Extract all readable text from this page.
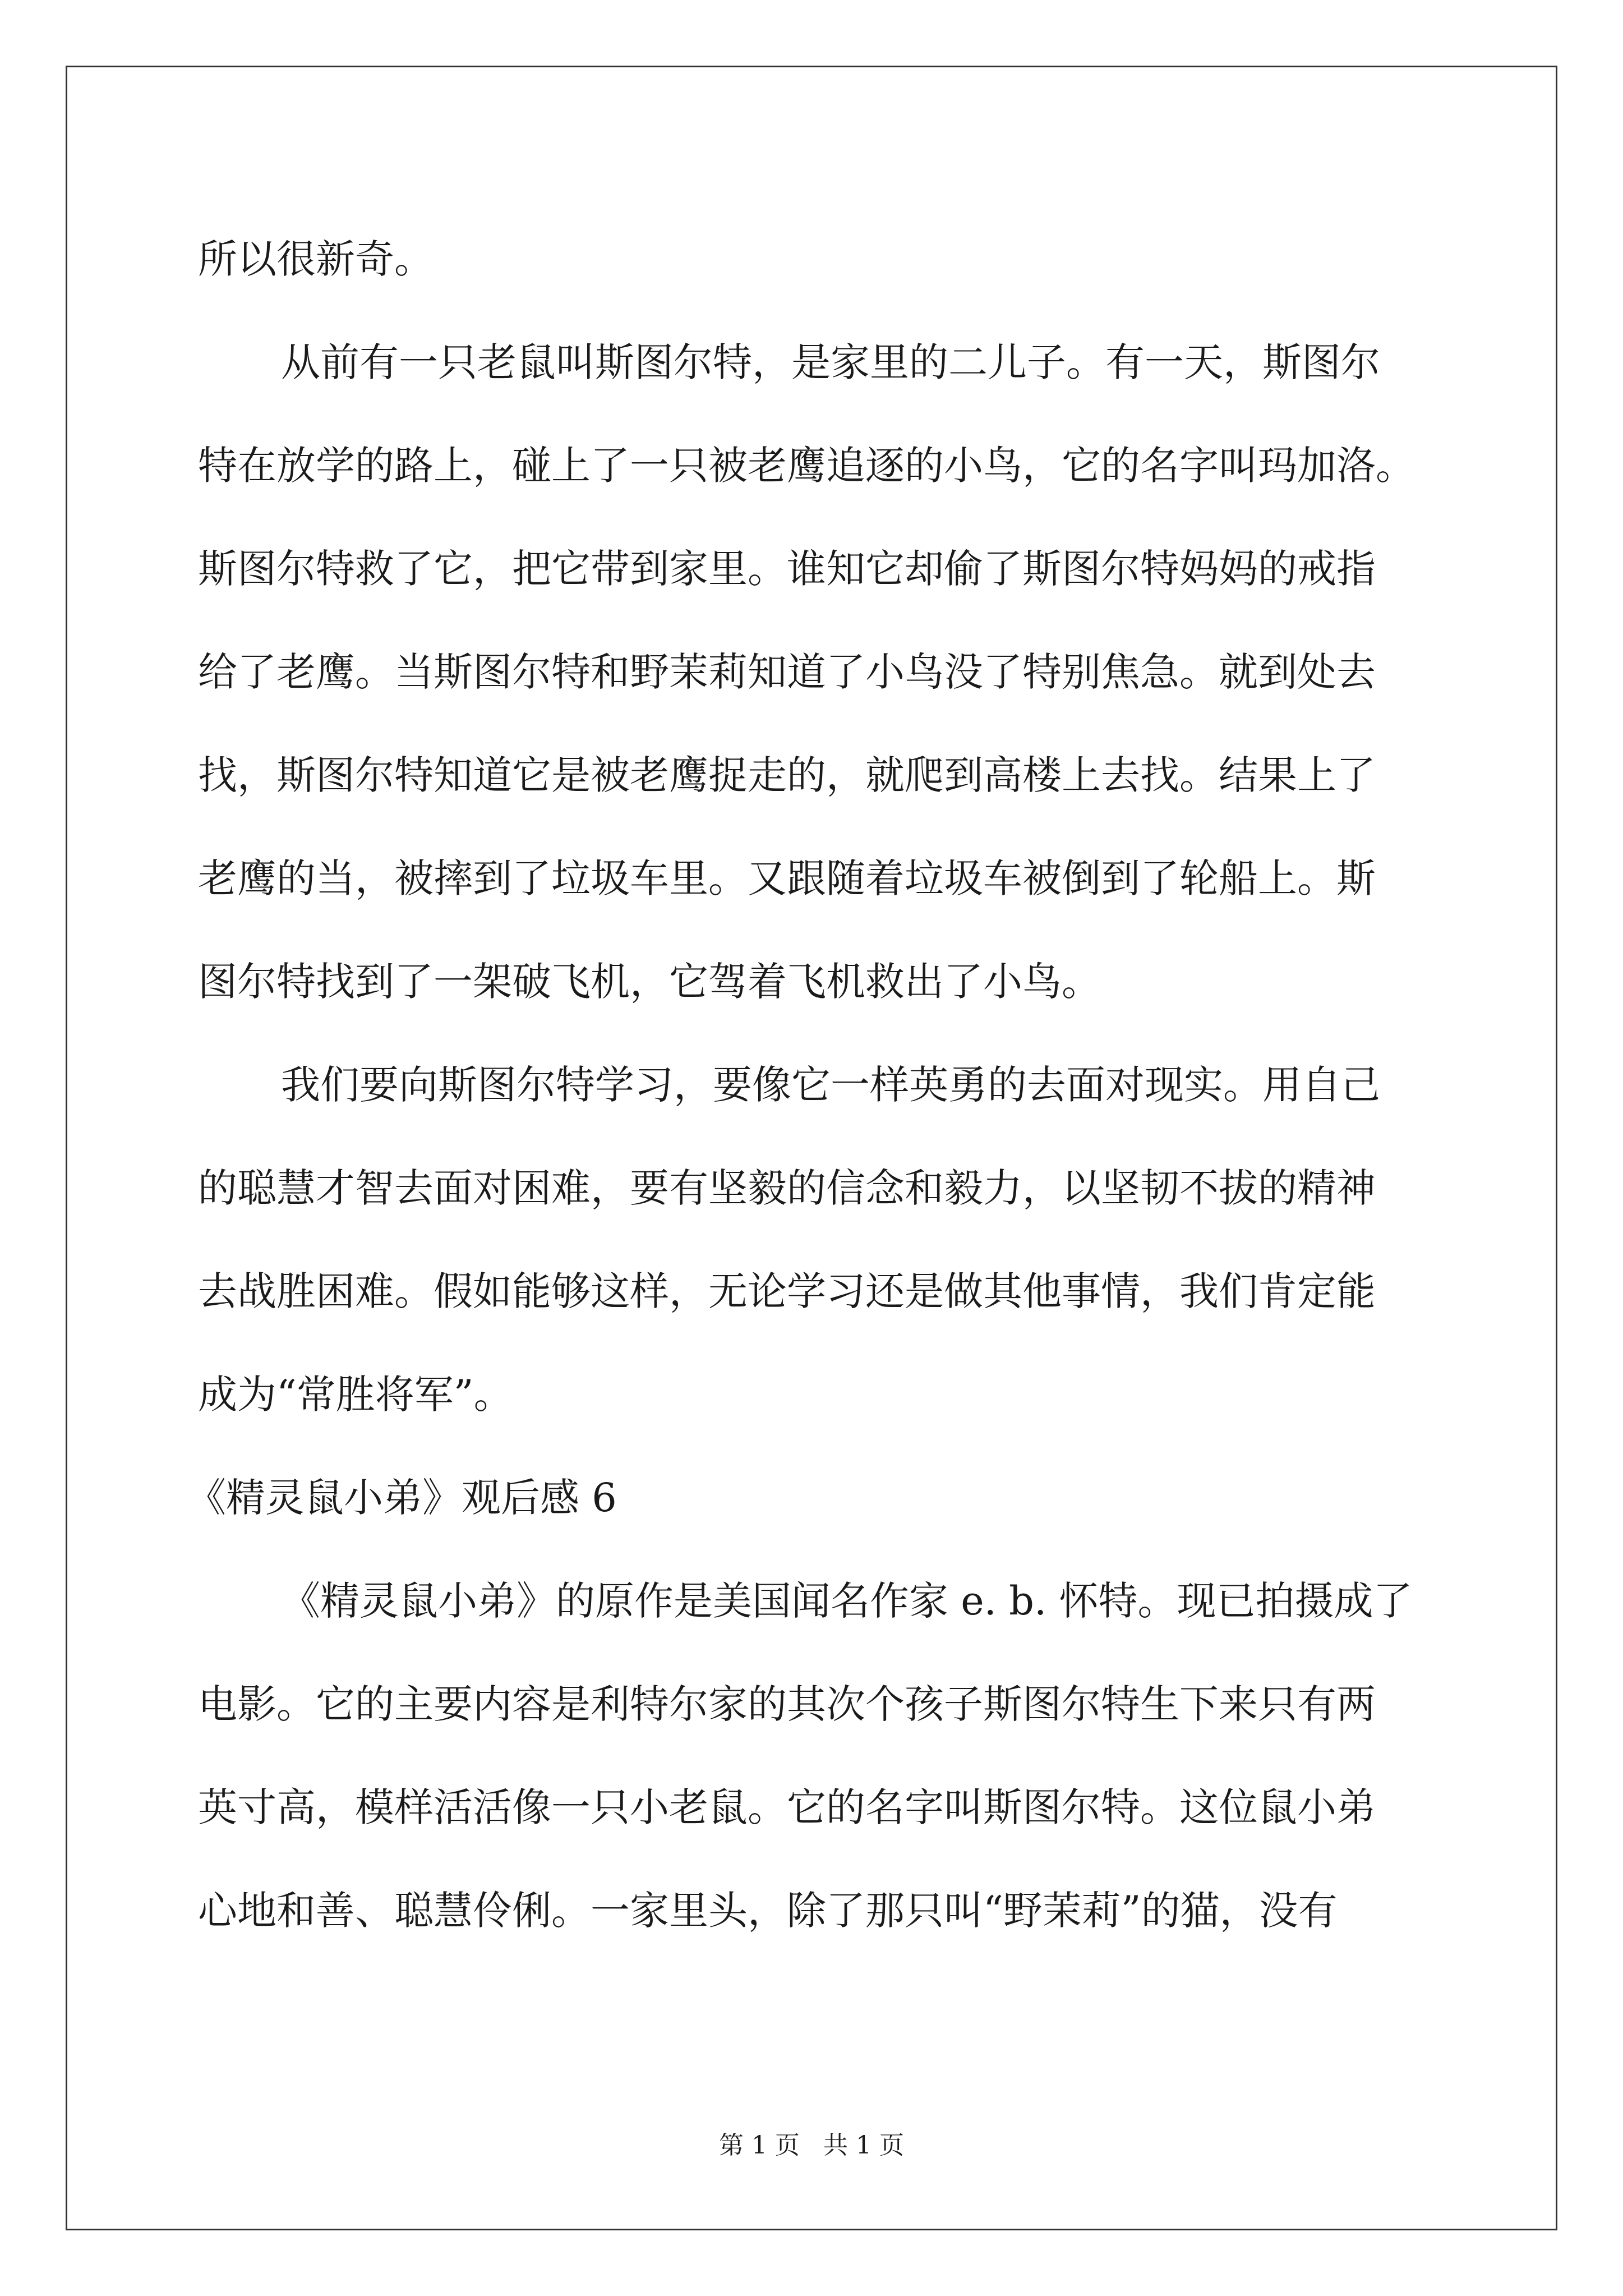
所以很新奇。
从前有一只老鼠叫斯图尔特，是家里的二儿子。有一天，斯图尔
特在放学的路上，碰上了一只被老鹰追逐的小鸟，它的名字叫玛加洛。
斯图尔特救了它，把它带到家里。谁知它却偷了斯图尔特妈妈的戒指
给了老鹰。当斯图尔特和野茉莉知道了小鸟没了特别焦急。就到处去
找，斯图尔特知道它是被老鹰捉走的，就爬到高楼上去找。结果上了
老鹰的当，被摔到了垃圾车里。又跟随着垃圾车被倒到了轮船上。斯
图尔特找到了一架破飞机，它驾着飞机救出了小鸟。
我们要向斯图尔特学习，要像它一样英勇的去面对现实。用自己
的聪慧才智去面对困难，要有坚毅的信念和毅力，以坚韧不拔的精神
去战胜困难。假如能够这样，无论学习还是做其他事情，我们肯定能
成为“常胜将军”。
《精灵鼠小弟》观后感 6
《精灵鼠小弟》的原作是美国闻名作家 e. b. 怀特。现已拍摄成了
电影。它的主要内容是利特尔家的其次个孩子斯图尔特生下来只有两
英寸高，模样活活像一只小老鼠。它的名字叫斯图尔特。这位鼠小弟
心地和善、聪慧伶俐。一家里头，除了那只叫“野茉莉”的猫，没有
第 1 页   共 1 页
